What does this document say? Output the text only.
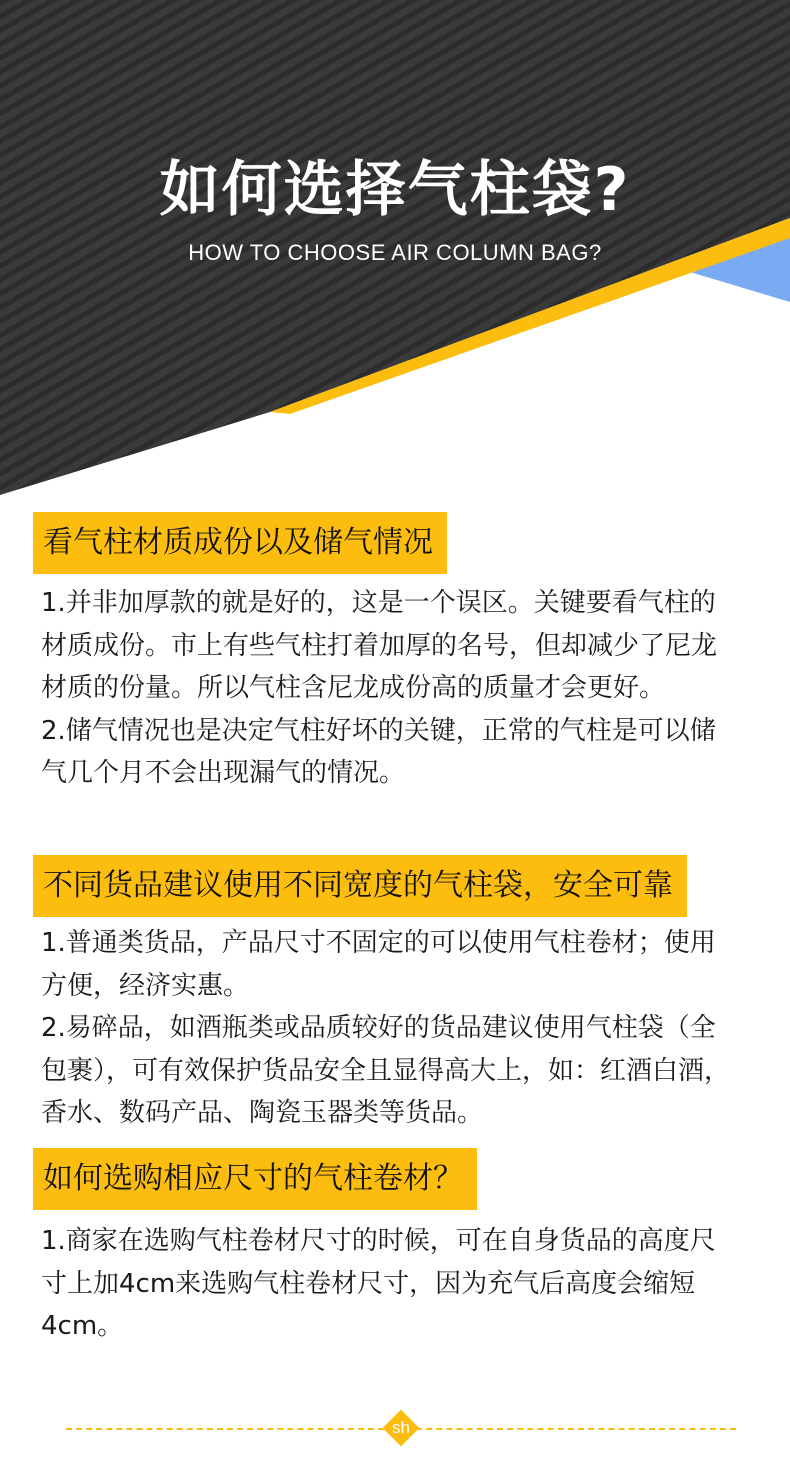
如何选择气柱袋?
HOW TO CHOOSE AIR COLUMN BAG?
看气柱材质成份以及储气情况

1.并非加厚款的就是好的，这是一个误区。关键要看气柱的材质成份。市上有些气柱打着加厚的名号，但却减少了尼龙材质的份量。所以气柱含尼龙成份高的质量才会更好。

2.储气情况也是决定气柱好坏的关键，正常的气柱是可以储气几个月不会出现漏气的情况。

不同货品建议使用不同宽度的气柱袋，安全可靠

1.普通类货品，产品尺寸不固定的可以使用气柱卷材；使用方便，经济实惠。

2.易碎品，如酒瓶类或品质较好的货品建议使用气柱袋（全包裹），可有效保护货品安全且显得高大上，如：红酒白酒，香水、数码产品、陶瓷玉器类等货品。

如何选购相应尺寸的气柱卷材？

1.商家在选购气柱卷材尺寸的时候，可在自身货品的高度尺寸上加4cm来选购气柱卷材尺寸，因为充气后高度会缩短4cm。

sh
